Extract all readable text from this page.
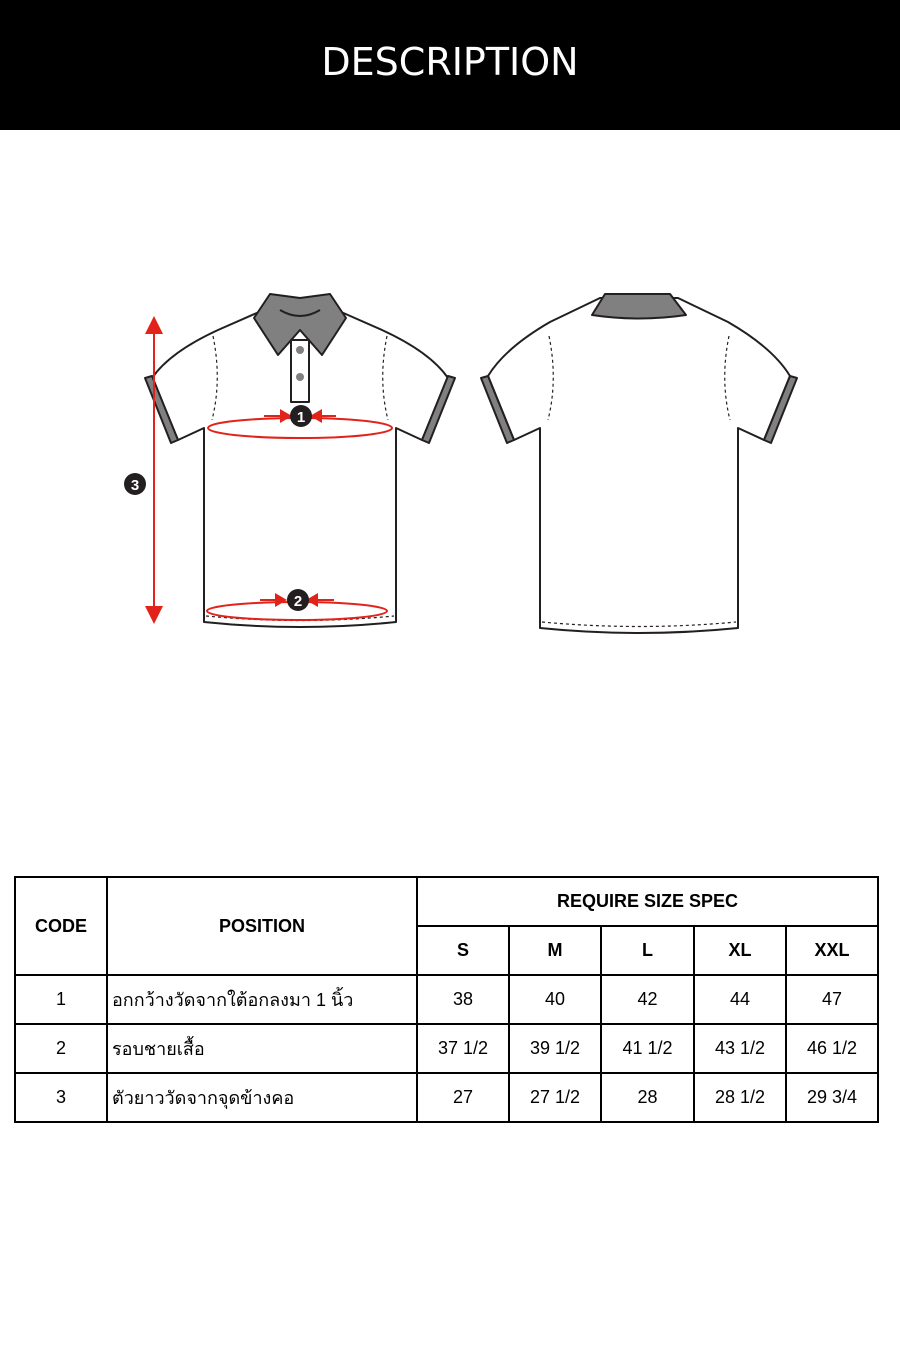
DESCRIPTION
3
1
2
CODE	POSITION	REQUIRE SIZE SPEC				
		S	M	L	XL	XXL
1	อกกว้างวัดจากใต้อกลงมา 1 นิ้ว	38	40	42	44	47
2	รอบชายเสื้อ	37 1/2	39 1/2	41 1/2	43 1/2	46 1/2
3	ตัวยาววัดจากจุดข้างคอ	27	27 1/2	28	28 1/2	29 3/4
